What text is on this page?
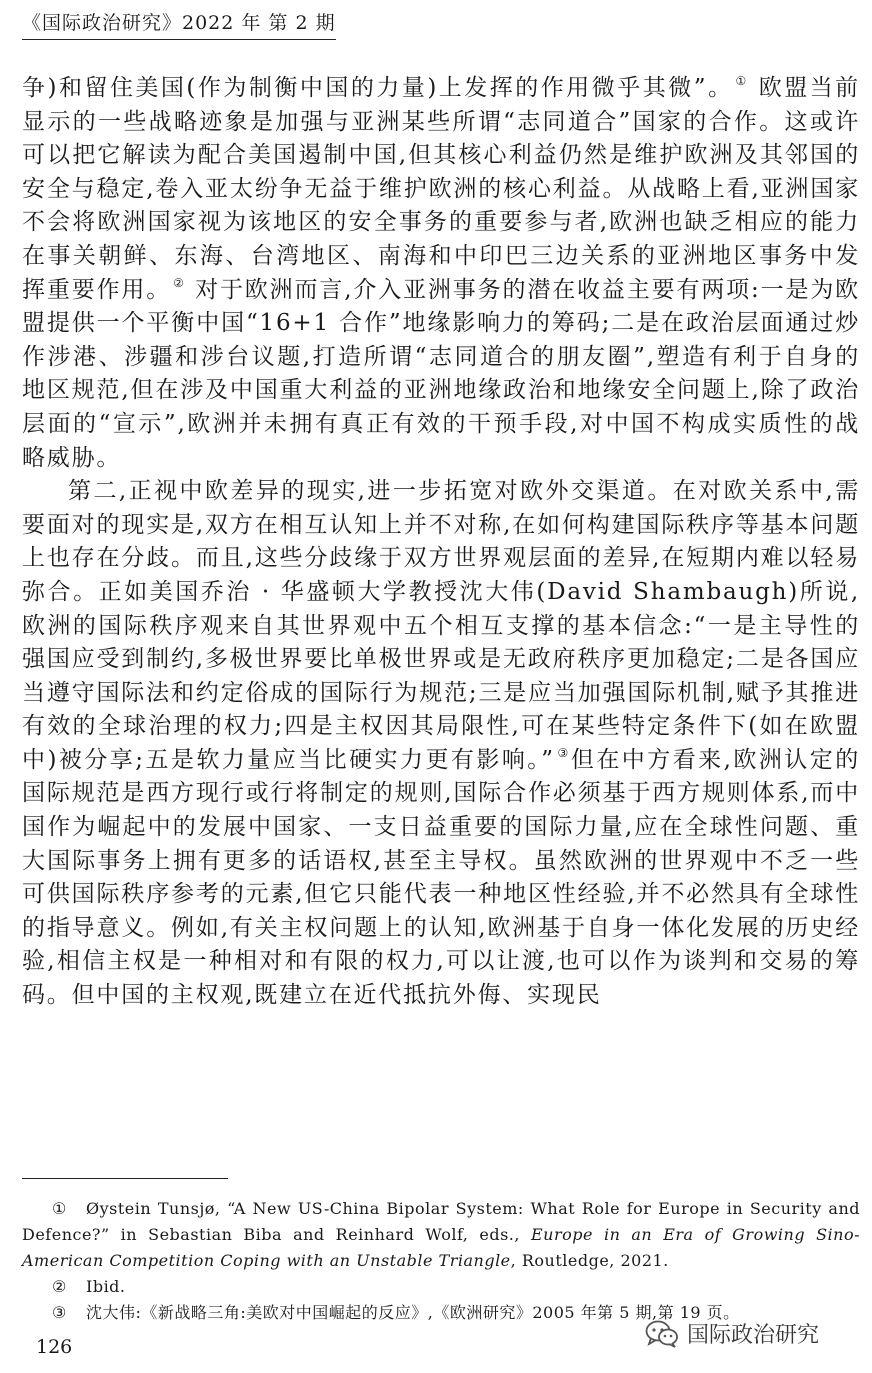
《国际政治研究》2022 年 第 2 期

争)和留住美国(作为制衡中国的力量)上发挥的作用微乎其微”。 ① 欧盟当前显示的一些战略迹象是加强与亚洲某些所谓“志同道合”国家的合作。这或许可以把它解读为配合美国遏制中国,但其核心利益仍然是维护欧洲及其邻国的安全与稳定,卷入亚太纷争无益于维护欧洲的核心利益。从战略上看,亚洲国家不会将欧洲国家视为该地区的安全事务的重要参与者,欧洲也缺乏相应的能力在事关朝鲜、东海、台湾地区、南海和中印巴三边关系的亚洲地区事务中发挥重要作用。 ② 对于欧洲而言,介入亚洲事务的潜在收益主要有两项:一是为欧盟提供一个平衡中国“16+1 合作”地缘影响力的筹码;二是在政治层面通过炒作涉港、涉疆和涉台议题,打造所谓“志同道合的朋友圈”,塑造有利于自身的地区规范,但在涉及中国重大利益的亚洲地缘政治和地缘安全问题上,除了政治层面的“宣示”,欧洲并未拥有真正有效的干预手段,对中国不构成实质性的战略威胁。

第二,正视中欧差异的现实,进一步拓宽对欧外交渠道。在对欧关系中,需要面对的现实是,双方在相互认知上并不对称,在如何构建国际秩序等基本问题上也存在分歧。而且,这些分歧缘于双方世界观层面的差异,在短期内难以轻易弥合。正如美国乔治 · 华盛顿大学教授沈大伟(David Shambaugh)所说,欧洲的国际秩序观来自其世界观中五个相互支撑的基本信念:“一是主导性的强国应受到制约,多极世界要比单极世界或是无政府秩序更加稳定;二是各国应当遵守国际法和约定俗成的国际行为规范;三是应当加强国际机制,赋予其推进有效的全球治理的权力;四是主权因其局限性,可在某些特定条件下(如在欧盟中)被分享;五是软力量应当比硬实力更有影响。” ③但在中方看来,欧洲认定的国际规范是西方现行或行将制定的规则,国际合作必须基于西方规则体系,而中国作为崛起中的发展中国家、一支日益重要的国际力量,应在全球性问题、重大国际事务上拥有更多的话语权,甚至主导权。虽然欧洲的世界观中不乏一些可供国际秩序参考的元素,但它只能代表一种地区性经验,并不必然具有全球性的指导意义。例如,有关主权问题上的认知,欧洲基于自身一体化发展的历史经验,相信主权是一种相对和有限的权力,可以让渡,也可以作为谈判和交易的筹码。但中国的主权观,既建立在近代抵抗外侮、实现民

① Øystein Tunsjø, “A New US-China Bipolar System: What Role for Europe in Security and Defence?” in Sebastian Biba and Reinhard Wolf, eds., Europe in an Era of Growing Sino-American Competition Coping with an Unstable Triangle, Routledge, 2021.

② Ibid.

③ 沈大伟:《新战略三角:美欧对中国崛起的反应》,《欧洲研究》2005 年第 5 期,第 19 页。

126	国际政治研究
